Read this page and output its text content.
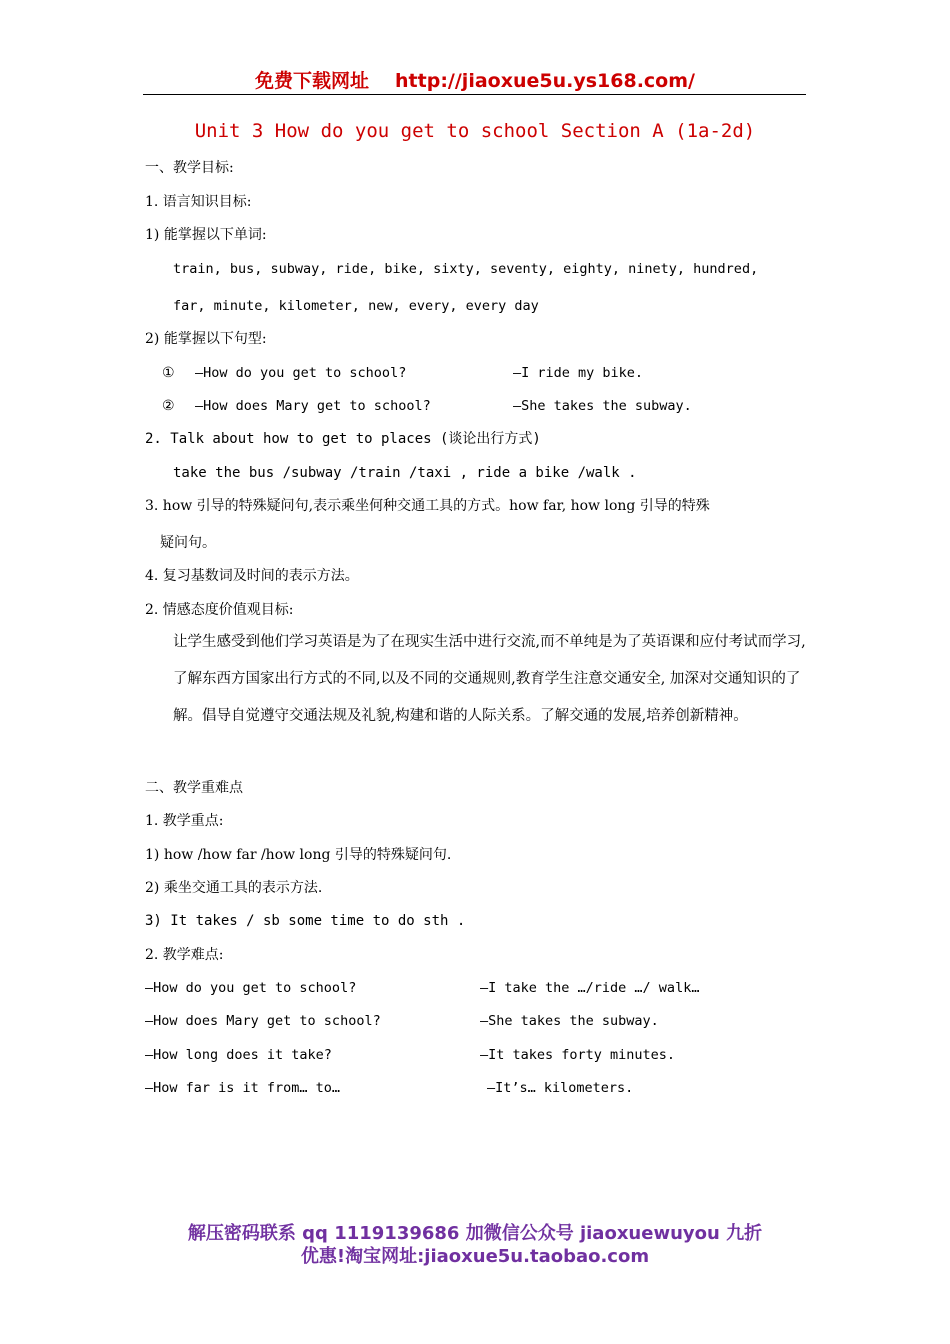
免费下载网址 http://jiaoxue5u.ys168.com/
Unit 3 How do you get to school Section A (1a-2d)
一、教学目标:
1. 语言知识目标:
1) 能掌握以下单词:
train, bus, subway, ride, bike, sixty, seventy, eighty, ninety, hundred,
far, minute, kilometer, new, every, every day
2) 能掌握以下句型:
① —How do you get to school?	—I ride my bike.
② —How does Mary get to school?	—She takes the subway.
2. Talk about how to get to places (谈论出行方式)
take the bus /subway /train /taxi , ride a bike /walk .
3. how 引导的特殊疑问句,表示乘坐何种交通工具的方式。how far, how long 引导的特殊
疑问句。
4. 复习基数词及时间的表示方法。
2. 情感态度价值观目标:
让学生感受到他们学习英语是为了在现实生活中进行交流,而不单纯是为了英语课和应付考试而学习,了解东西方国家出行方式的不同,以及不同的交通规则,教育学生注意交通安全, 加深对交通知识的了解。倡导自觉遵守交通法规及礼貌,构建和谐的人际关系。了解交通的发展,培养创新精神。
二、教学重难点
1. 教学重点:
1) how /how far /how long 引导的特殊疑问句.
2) 乘坐交通工具的表示方法.
3) It takes / sb some time to do sth .
2. 教学难点:
—How do you get to school?	—I take the …/ride …/ walk…
—How does Mary get to school?	—She takes the subway.
—How long does it take?	—It takes forty minutes.
—How far is it from… to…	—It’s… kilometers.
解压密码联系 qq 1119139686 加微信公众号 jiaoxuewuyou 九折
优惠!淘宝网址:jiaoxue5u.taobao.com
